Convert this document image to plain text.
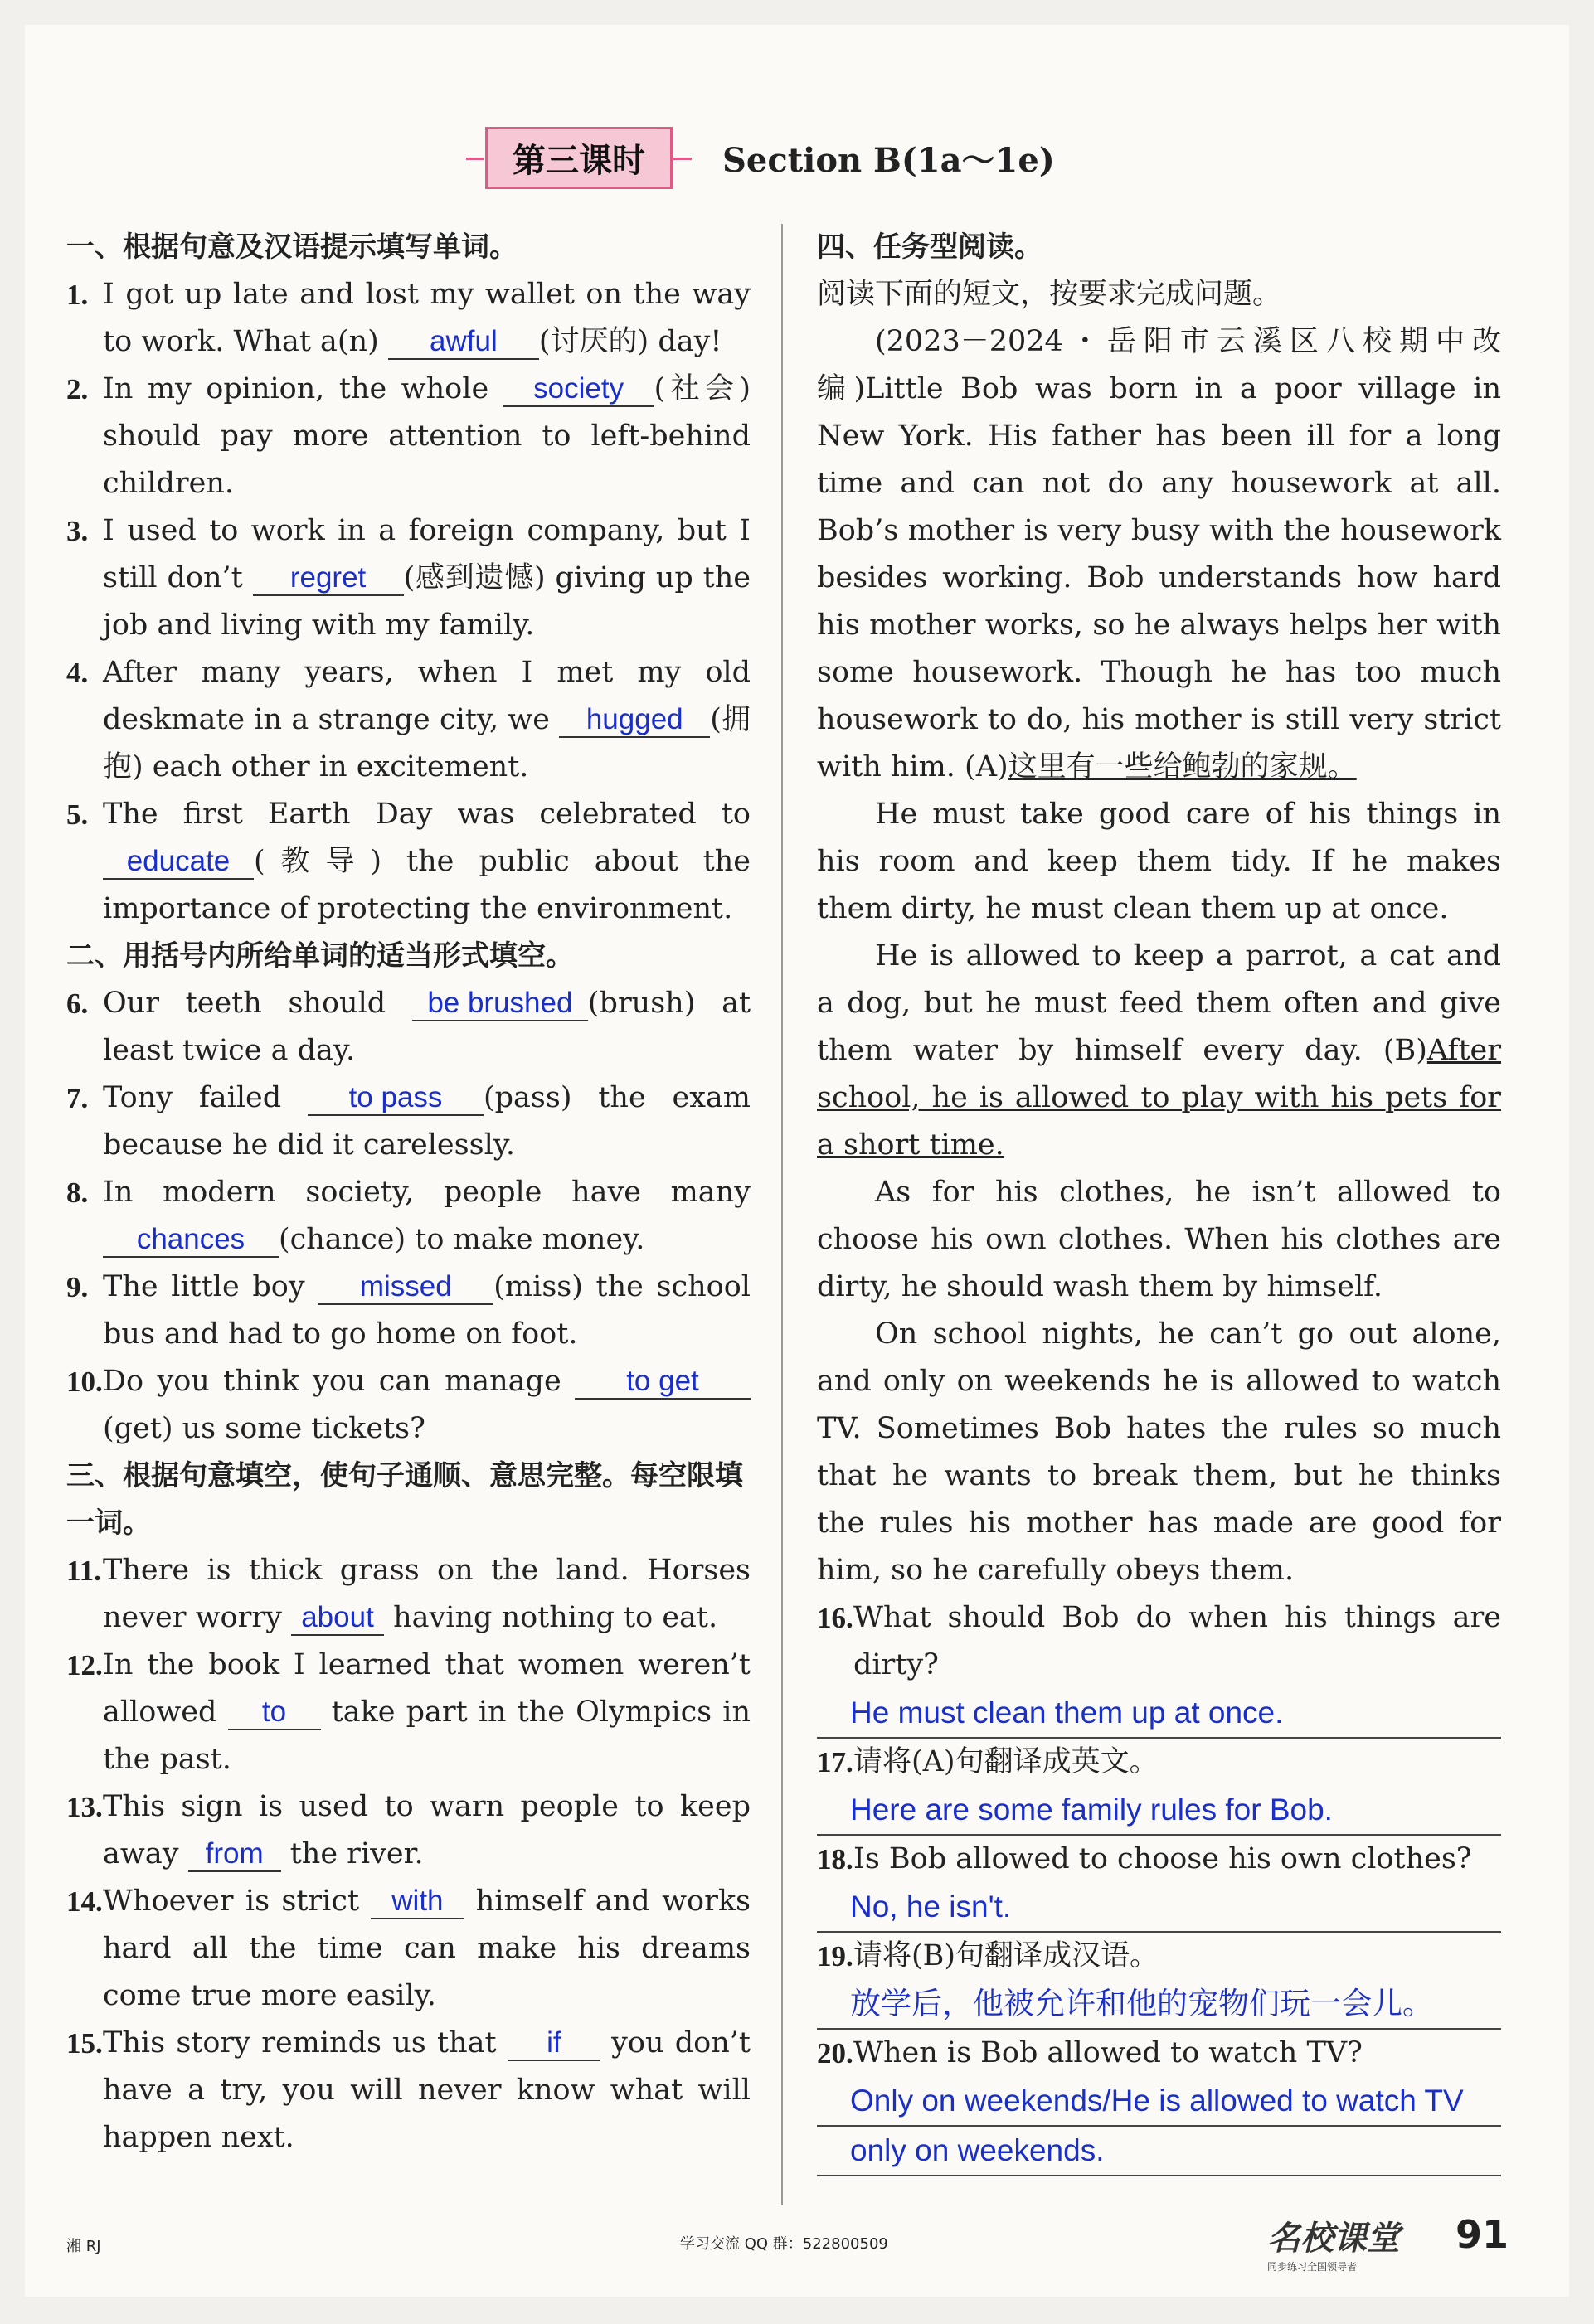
第三课时	Section B(1a～1e)
一、根据句意及汉语提示填写单词。
1. I got up late and lost my wallet on the way to work. What a(n) awful (讨厌的) day!
2. In my opinion, the whole society (社会) should pay more attention to left-behind children.
3. I used to work in a foreign company, but I still don’t regret (感到遗憾) giving up the job and living with my family.
4. After many years, when I met my old deskmate in a strange city, we hugged (拥抱) each other in excitement.
5. The first Earth Day was celebrated to educate (教导) the public about the importance of protecting the environment.
二、用括号内所给单词的适当形式填空。
6. Our teeth should be brushed (brush) at least twice a day.
7. Tony failed to pass (pass) the exam because he did it carelessly.
8. In modern society, people have many chances (chance) to make money.
9. The little boy missed (miss) the school bus and had to go home on foot.
10. Do you think you can manage to get(get) us some tickets?
三、根据句意填空，使句子通顺、意思完整。每空限填一词。
11. There is thick grass on the land. Horses never worry about having nothing to eat.
12. In the book I learned that women weren’t allowed to take part in the Olympics in the past.
13. This sign is used to warn people to keep away from the river.
14. Whoever is strict with himself and works hard all the time can make his dreams come true more easily.
15. This story reminds us that if you don’t have a try, you will never know what will happen next.
四、任务型阅读。
阅读下面的短文，按要求完成问题。
(2023－2024・岳阳市云溪区八校期中改编)Little Bob was born in a poor village in New York. His father has been ill for a long time and can not do any housework at all. Bob’s mother is very busy with the housework besides working. Bob understands how hard his mother works, so he always helps her with some housework. Though he has too much housework to do, his mother is still very strict with him. (A)这里有一些给鲍勃的家规。
He must take good care of his things in his room and keep them tidy. If he makes them dirty, he must clean them up at once.
He is allowed to keep a parrot, a cat and a dog, but he must feed them often and give them water by himself every day. (B)After school, he is allowed to play with his pets for a short time.
As for his clothes, he isn’t allowed to choose his own clothes. When his clothes are dirty, he should wash them by himself.
On school nights, he can’t go out alone, and only on weekends he is allowed to watch TV. Sometimes Bob hates the rules so much that he wants to break them, but he thinks the rules his mother has made are good for him, so he carefully obeys them.
16. What should Bob do when his things are dirty?
He must clean them up at once.
17. 请将(A)句翻译成英文。
Here are some family rules for Bob.
18. Is Bob allowed to choose his own clothes?
No, he isn't.
19. 请将(B)句翻译成汉语。
放学后，他被允许和他的宠物们玩一会儿。
20. When is Bob allowed to watch TV?
Only on weekends/He is allowed to watch TV
only on weekends.
湘 RJ	学习交流 QQ 群：522800509	名校课堂
同步练习全国领导者
91
